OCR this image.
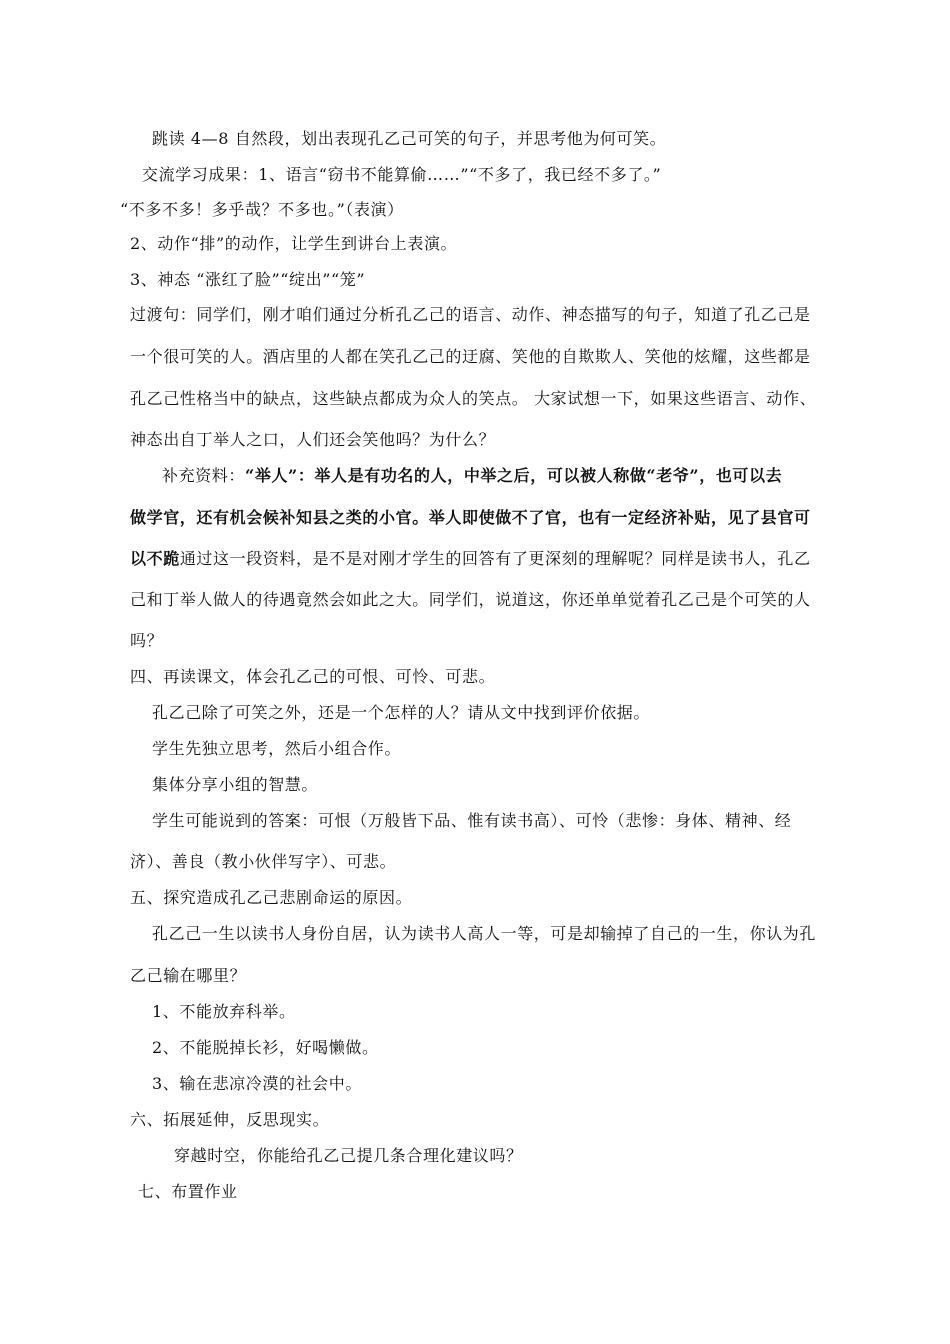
跳读 4—8 自然段，划出表现孔乙己可笑的句子，并思考他为何可笑。
交流学习成果：1、语言“窃书不能算偷……”“不多了，我已经不多了。”
“不多不多！多乎哉？不多也。”（表演）
2、动作“排”的动作，让学生到讲台上表演。
3、神态 “涨红了脸”“绽出”“笼”
过渡句：同学们，刚才咱们通过分析孔乙己的语言、动作、神态描写的句子，知道了孔乙己是
一个很可笑的人。酒店里的人都在笑孔乙己的迂腐、笑他的自欺欺人、笑他的炫耀，这些都是
孔乙己性格当中的缺点，这些缺点都成为众人的笑点。 大家试想一下，如果这些语言、动作、
神态出自丁举人之口，人们还会笑他吗？为什么？
补充资料：“举人”：举人是有功名的人，中举之后，可以被人称做“老爷”，也可以去
做学官，还有机会候补知县之类的小官。举人即使做不了官，也有一定经济补贴，见了县官可
以不跪通过这一段资料，是不是对刚才学生的回答有了更深刻的理解呢？同样是读书人，孔乙
己和丁举人做人的待遇竟然会如此之大。同学们，说道这，你还单单觉着孔乙己是个可笑的人
吗？
四、再读课文，体会孔乙己的可恨、可怜、可悲。
孔乙己除了可笑之外，还是一个怎样的人？请从文中找到评价依据。
学生先独立思考，然后小组合作。
集体分享小组的智慧。
学生可能说到的答案：可恨（万般皆下品、惟有读书高）、可怜（悲惨：身体、精神、经
济）、善良（教小伙伴写字）、可悲。
五、探究造成孔乙己悲剧命运的原因。
孔乙己一生以读书人身份自居，认为读书人高人一等，可是却输掉了自己的一生，你认为孔
乙己输在哪里？
1、不能放弃科举。
2、不能脱掉长衫，好喝懒做。
3、输在悲凉冷漠的社会中。
六、拓展延伸，反思现实。
穿越时空，你能给孔乙己提几条合理化建议吗？
七、布置作业
